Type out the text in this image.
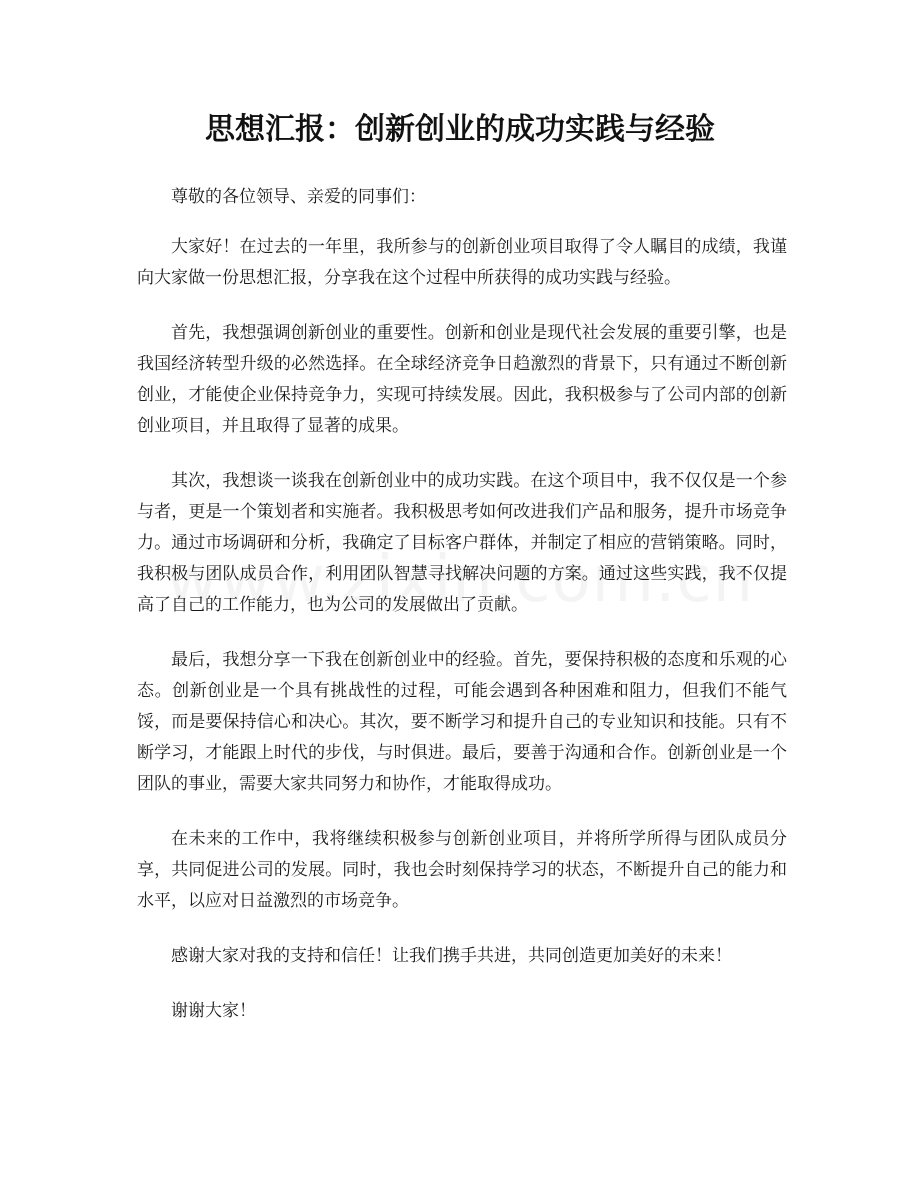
思想汇报：创新创业的成功实践与经验

尊敬的各位领导、亲爱的同事们：

大家好！在过去的一年里，我所参与的创新创业项目取得了令人瞩目的成绩，我谨向大家做一份思想汇报，分享我在这个过程中所获得的成功实践与经验。

首先，我想强调创新创业的重要性。创新和创业是现代社会发展的重要引擎，也是我国经济转型升级的必然选择。在全球经济竞争日趋激烈的背景下，只有通过不断创新创业，才能使企业保持竞争力，实现可持续发展。因此，我积极参与了公司内部的创新创业项目，并且取得了显著的成果。

其次，我想谈一谈我在创新创业中的成功实践。在这个项目中，我不仅仅是一个参与者，更是一个策划者和实施者。我积极思考如何改进我们产品和服务，提升市场竞争力。通过市场调研和分析，我确定了目标客户群体，并制定了相应的营销策略。同时，我积极与团队成员合作，利用团队智慧寻找解决问题的方案。通过这些实践，我不仅提高了自己的工作能力，也为公司的发展做出了贡献。

最后，我想分享一下我在创新创业中的经验。首先，要保持积极的态度和乐观的心态。创新创业是一个具有挑战性的过程，可能会遇到各种困难和阻力，但我们不能气馁，而是要保持信心和决心。其次，要不断学习和提升自己的专业知识和技能。只有不断学习，才能跟上时代的步伐，与时俱进。最后，要善于沟通和合作。创新创业是一个团队的事业，需要大家共同努力和协作，才能取得成功。

在未来的工作中，我将继续积极参与创新创业项目，并将所学所得与团队成员分享，共同促进公司的发展。同时，我也会时刻保持学习的状态，不断提升自己的能力和水平，以应对日益激烈的市场竞争。

感谢大家对我的支持和信任！让我们携手共进，共同创造更加美好的未来！

谢谢大家！
